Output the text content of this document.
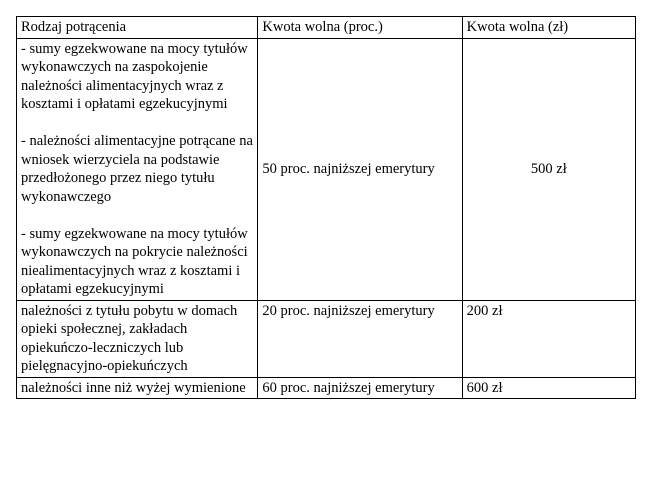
Rodzaj potrącenia	Kwota wolna (proc.)	Kwota wolna (zł)

- sumy egzekwowane na mocy tytułów wykonawczych na zaspokojenie należności alimentacyjnych wraz z kosztami i opłatami egzekucyjnymi
- należności alimentacyjne potrącane na wniosek wierzyciela na podstawie przedłożonego przez niego tytułu wykonawczego
- sumy egzekwowane na mocy tytułów wykonawczych na pokrycie należności niealimentacyjnych wraz z kosztami i opłatami egzekucyjnymi	50 proc. najniższej emerytury	500 zł
należności z tytułu pobytu w domach opieki społecznej, zakładach opiekuńczo-leczniczych lub pielęgnacyjno-opiekuńczych	20 proc. najniższej emerytury	200 zł
należności inne niż wyżej wymienione	60 proc. najniższej emerytury	600 zł
